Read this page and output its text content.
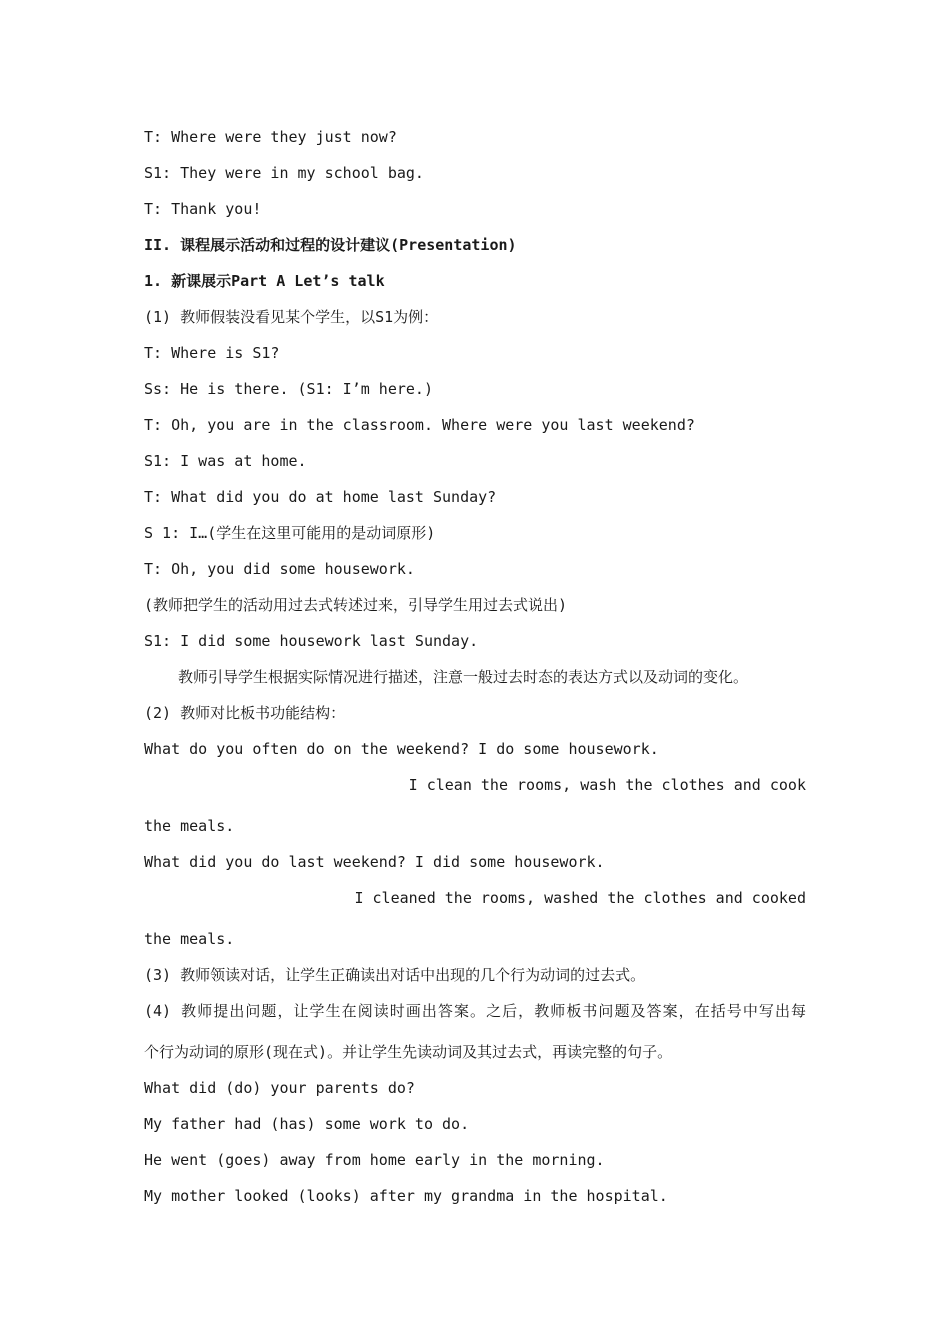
T: Where were they just now?
S1: They were in my school bag.
T: Thank you!
II. 课程展示活动和过程的设计建议(Presentation)
1. 新课展示Part A Let’s talk
(1) 教师假装没看见某个学生，以S1为例：
T: Where is S1?
Ss: He is there. (S1: I’m here.)
T: Oh, you are in the classroom. Where were you last weekend?
S1: I was at home.
T: What did you do at home last Sunday?
S 1: I…(学生在这里可能用的是动词原形)
T: Oh, you did some housework.
(教师把学生的活动用过去式转述过来，引导学生用过去式说出)
S1: I did some housework last Sunday.
教师引导学生根据实际情况进行描述，注意一般过去时态的表达方式以及动词的变化。
(2) 教师对比板书功能结构：
What do you often do on the weekend? I do some housework.
I clean the rooms, wash the clothes and cook
the meals.
What did you do last weekend? I did some housework.
I cleaned the rooms, washed the clothes and cooked
the meals.
(3) 教师领读对话，让学生正确读出对话中出现的几个行为动词的过去式。
(4) 教师提出问题，让学生在阅读时画出答案。之后，教师板书问题及答案，在括号中写出每
个行为动词的原形(现在式)。并让学生先读动词及其过去式，再读完整的句子。
What did (do) your parents do?
My father had (has) some work to do.
He went (goes) away from home early in the morning.
My mother looked (looks) after my grandma in the hospital.
